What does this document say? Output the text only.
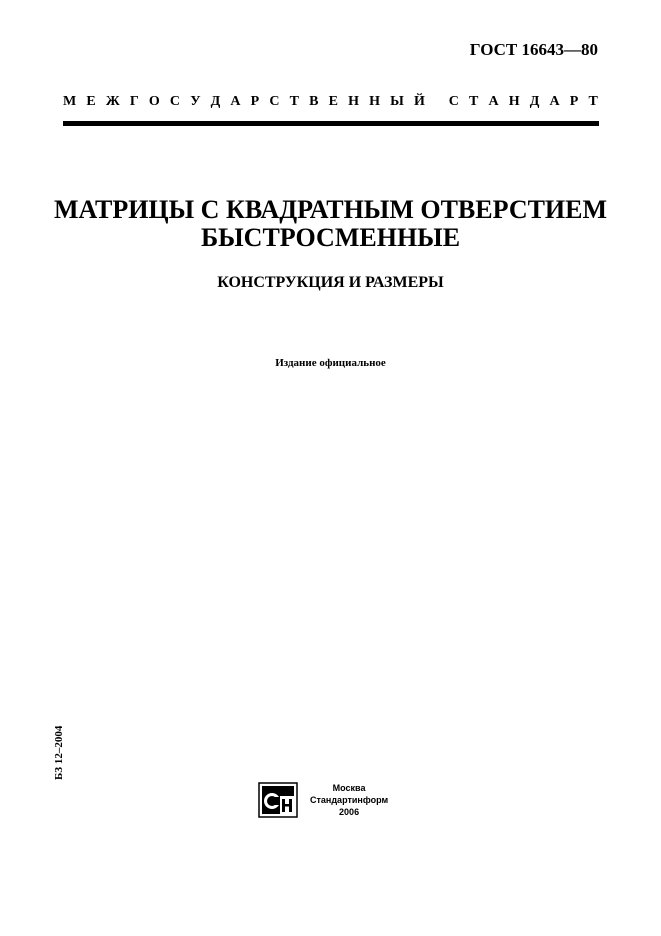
ГОСТ 16643—80
М Е Ж Г О С У Д А Р С Т В Е Н Н Ы Й
С Т А Н Д А Р Т
МАТРИЦЫ С КВАДРАТНЫМ ОТВЕРСТИЕМ
БЫСТРОСМЕННЫЕ
КОНСТРУКЦИЯ И РАЗМЕРЫ
Издание официальное
БЗ 12–2004
Москва
Стандартинформ
2006
